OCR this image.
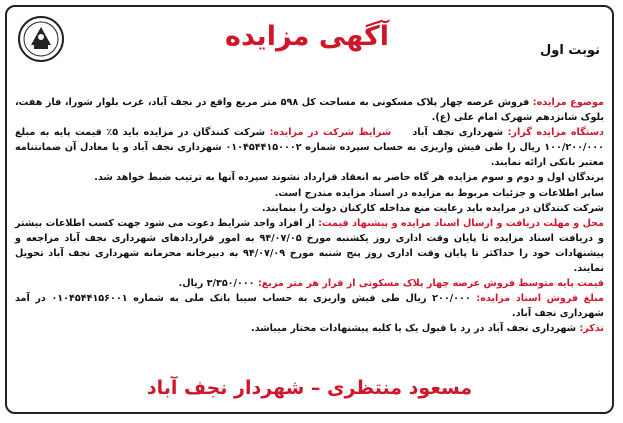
آگهی مزایده	نوبت اول

موضوع مزایده: فروش عرصه چهار پلاک مسکونی به مساحت کل ۵۹۸ متر مربع واقع در نجف آباد، غرب بلوار شورا، فاز هفت، بلوک شانزدهم شهرک امام علی (ع).

دستگاه مزایده گزار: شهرداری نجف آباد  شرایط شرکت در مزایده: شرکت کنندگان در مزایده باید ۵٪ قیمت پایه به مبلغ ۱۰۰/۲۰۰/۰۰۰ ریال را طی فیش واریزی به حساب سپرده شماره ۰۱۰۴۵۴۴۱۵۰۰۰۲ شهرداری نجف آباد و یا معادل آن ضمانتنامه معتبر بانکی ارائه نمایند.

برندگان اول و دوم و سوم مزایده هر گاه حاضر به انعقاد قرارداد نشوند سپرده آنها به ترتیب ضبط خواهد شد.

سایر اطلاعات و جزئیات مربوط به مزایده در اسناد مزایده مندرج است.

شرکت کنندگان در مزایده باید رعایت منع مداخله کارکنان دولت را بنمایند.

محل و مهلت دریافت و ارسال اسناد مزایده و پیشنهاد قیمت: از افراد واجد شرایط دعوت می شود جهت کسب اطلاعات بیشتر و دریافت اسناد مزایده تا پایان وقت اداری روز یکشنبه مورخ ۹۴/۰۷/۰۵ به امور قراردادهای شهرداری نجف آباد مراجعه و پیشنهادات خود را حداکثر تا پایان وقت اداری روز پنج شنبه مورخ ۹۴/۰۷/۰۹ به دبیرخانه محرمانه شهرداری نجف آباد تحویل نمایند.

قیمت پایه متوسط فروش عرصه چهار پلاک مسکونی از قرار هر متر مربع: ۳/۳۵۰/۰۰۰ ریال.

مبلغ فروش اسناد مزایده: ۲۰۰/۰۰۰ ریال طی فیش واریزی به حساب سیبا بانک ملی به شماره ۰۱۰۴۵۴۴۱۵۶۰۰۱ در آمد شهرداری نجف آباد.

تذکر: شهرداری نجف آباد در رد یا قبول یک یا کلیه پیشنهادات مختار میباشد.

مسعود منتظری – شهردار نجف آباد
